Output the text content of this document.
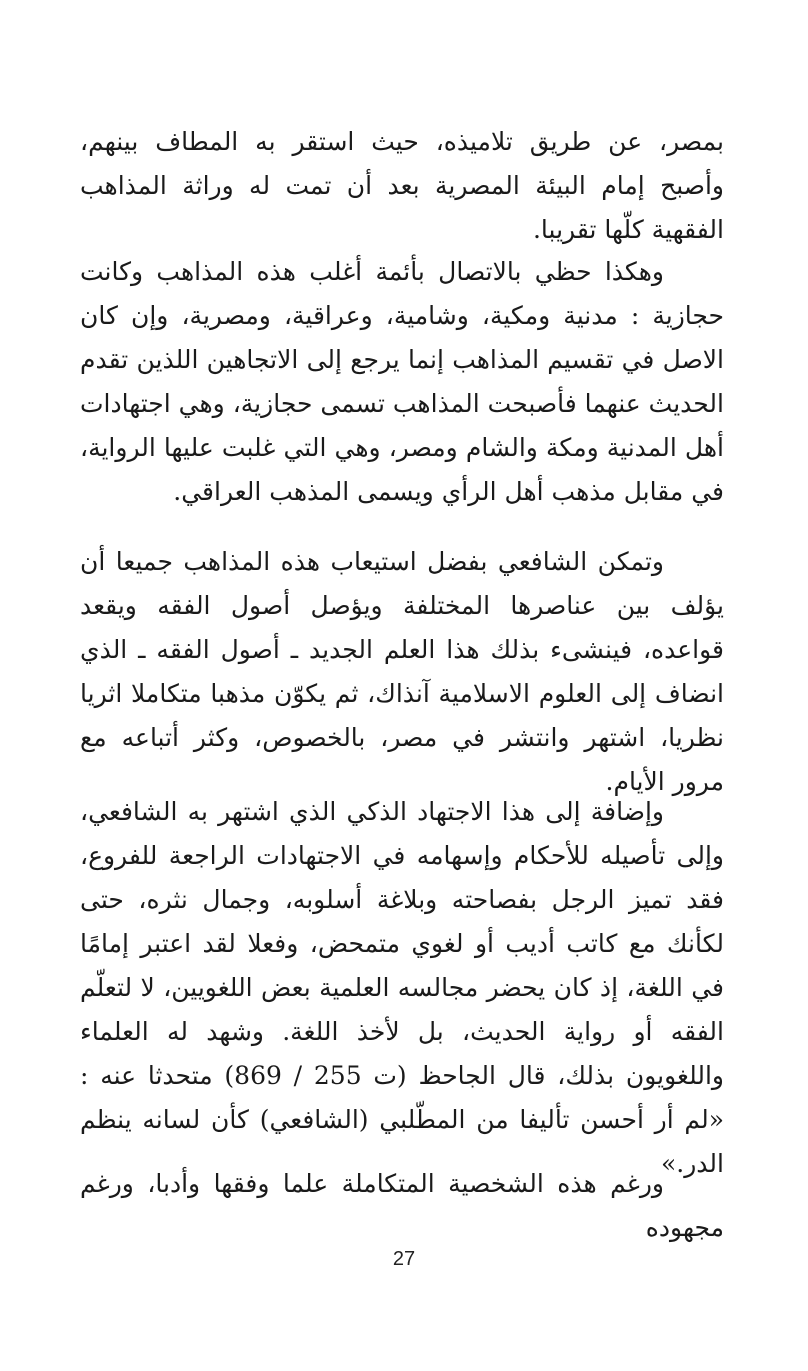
بمصر، عن طريق تلاميذه، حيث استقر به المطاف بينهم، وأصبح إمام البيئة المصرية بعد أن تمت له وراثة المذاهب الفقهية كلّها تقريبا.

وهكذا حظي بالاتصال بأئمة أغلب هذه المذاهب وكانت حجازية : مدنية ومكية، وشامية، وعراقية، ومصرية، وإن كان الاصل في تقسيم المذاهب إنما يرجع إلى الاتجاهين اللذين تقدم الحديث عنهما فأصبحت المذاهب تسمى حجازية، وهي اجتهادات أهل المدنية ومكة والشام ومصر، وهي التي غلبت عليها الرواية، في مقابل مذهب أهل الرأي ويسمى المذهب العراقي.

وتمكن الشافعي بفضل استيعاب هذه المذاهب جميعا أن يؤلف بين عناصرها المختلفة ويؤصل أصول الفقه ويقعد قواعده، فينشىء بذلك هذا العلم الجديد ـ أصول الفقه ـ الذي انضاف إلى العلوم الاسلامية آنذاك، ثم يكوّن مذهبا متكاملا اثريا نظريا، اشتهر وانتشر في مصر، بالخصوص، وكثر أتباعه مع مرور الأيام.

وإضافة إلى هذا الاجتهاد الذكي الذي اشتهر به الشافعي، وإلى تأصيله للأحكام وإسهامه في الاجتهادات الراجعة للفروع، فقد تميز الرجل بفصاحته وبلاغة أسلوبه، وجمال نثره، حتى لكأنك مع كاتب أديب أو لغوي متمحض، وفعلا لقد اعتبر إمامًا في اللغة، إذ كان يحضر مجالسه العلمية بعض اللغويين، لا لتعلّم الفقه أو رواية الحديث، بل لأخذ اللغة. وشهد له العلماء واللغويون بذلك، قال الجاحظ (ت 255 / 869) متحدثا عنه : «لم أر أحسن تأليفا من المطّلبي (الشافعي) كأن لسانه ينظم الدر.»

ورغم هذه الشخصية المتكاملة علما وفقها وأدبا، ورغم مجهوده

27
